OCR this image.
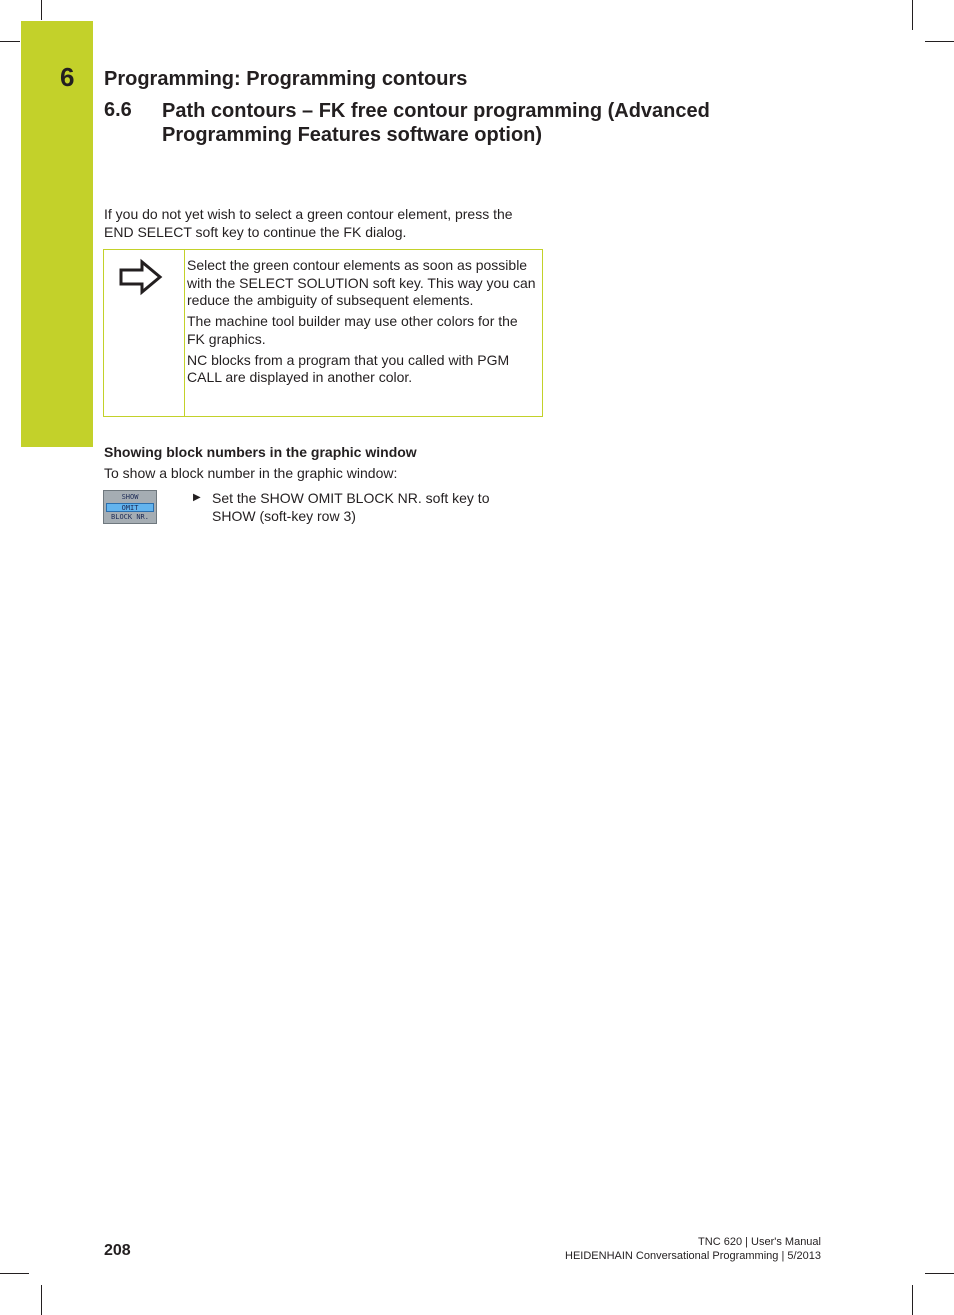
6 Programming: Programming contours
6.6 Path contours – FK free contour programming (Advanced Programming Features software option)
If you do not yet wish to select a green contour element, press the END SELECT soft key to continue the FK dialog.

Select the green contour elements as soon as possible with the SELECT SOLUTION soft key. This way you can reduce the ambiguity of subsequent elements.

The machine tool builder may use other colors for the FK graphics.

NC blocks from a program that you called with PGM CALL are displayed in another color.

Showing block numbers in the graphic window
To show a block number in the graphic window:
SHOW
OMIT
BLOCK NR.
▶ Set the SHOW OMIT BLOCK NR. soft key to SHOW (soft-key row 3)
208	TNC 620 | User's Manual
HEIDENHAIN Conversational Programming | 5/2013
